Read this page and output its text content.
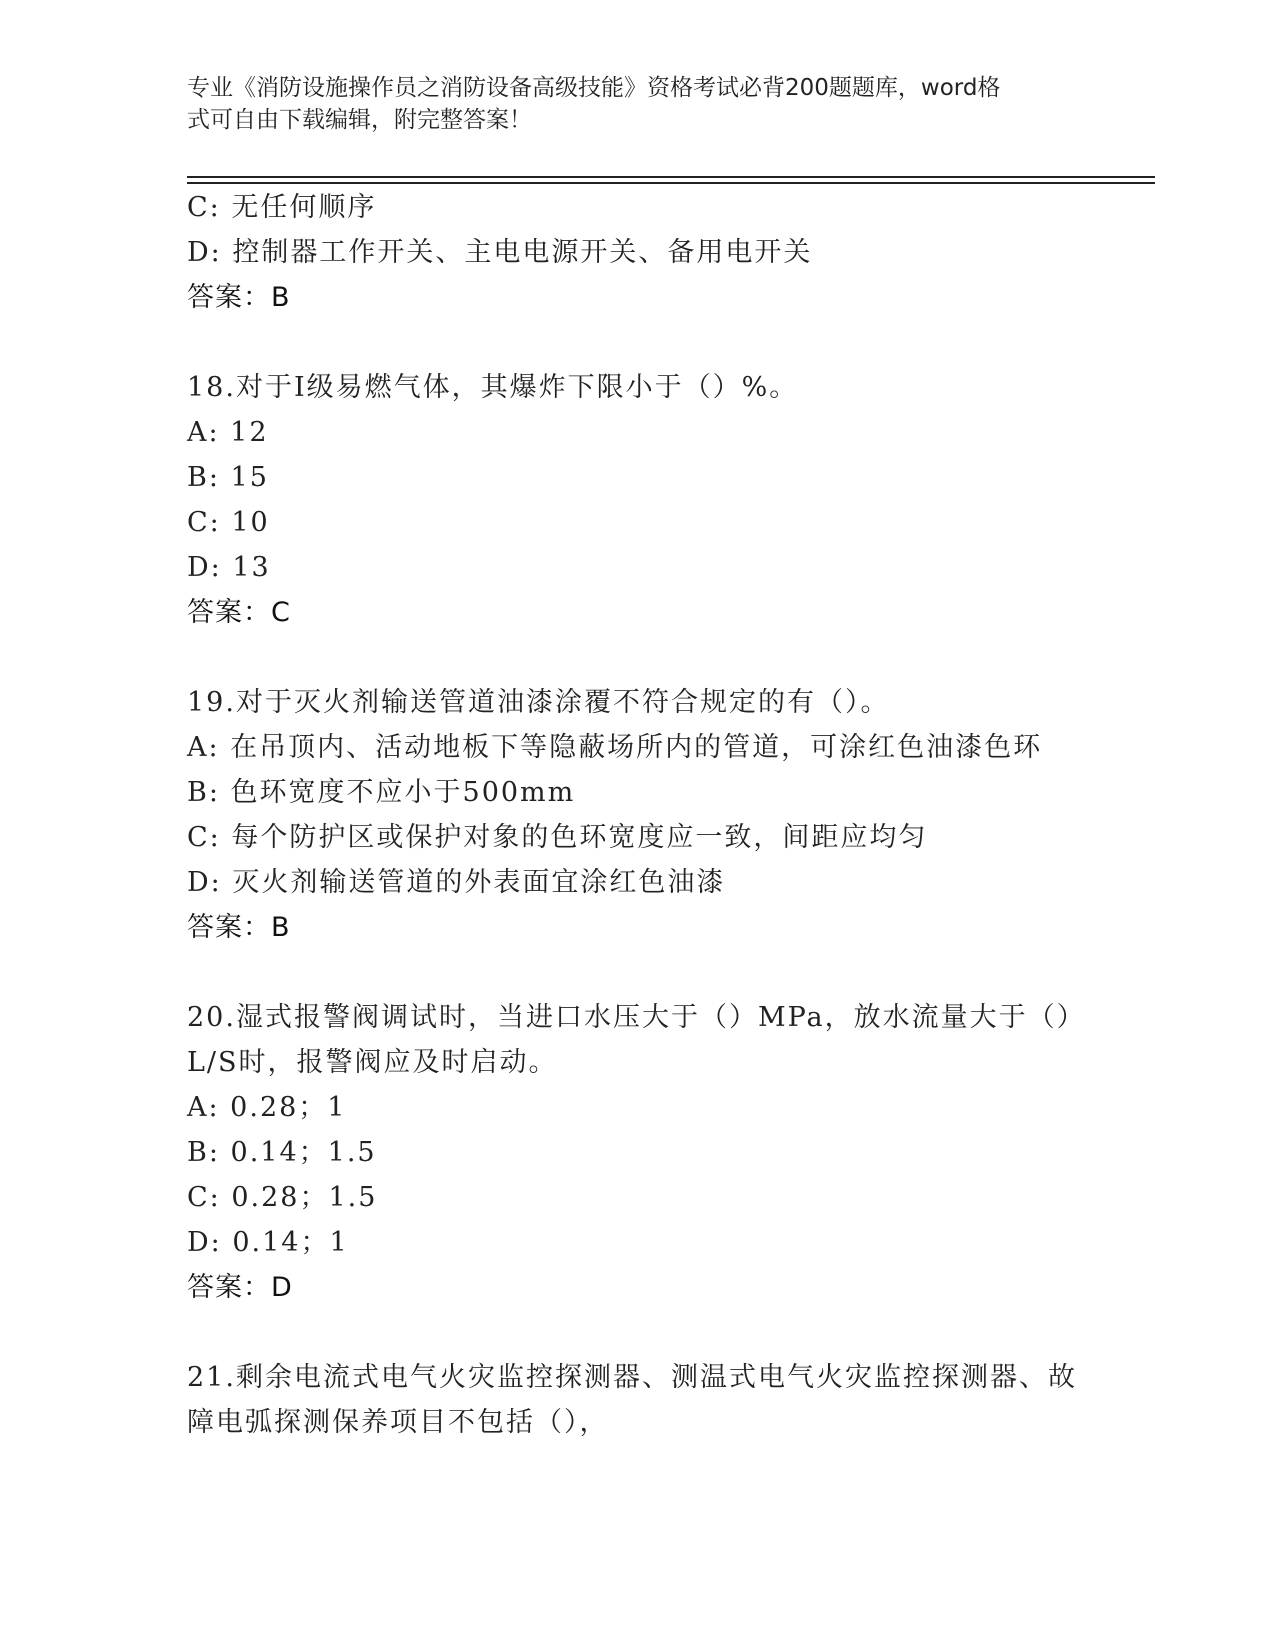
专业《消防设施操作员之消防设备高级技能》资格考试必背200题题库，word格
式可自由下载编辑，附完整答案！
C: 无任何顺序
D: 控制器工作开关、主电电源开关、备用电开关
答案：B
18.对于Ⅰ级易燃气体，其爆炸下限小于（）%。
A: 12
B: 15
C: 10
D: 13
答案：C
19.对于灭火剂输送管道油漆涂覆不符合规定的有（）。
A: 在吊顶内、活动地板下等隐蔽场所内的管道，可涂红色油漆色环
B: 色环宽度不应小于500mm
C: 每个防护区或保护对象的色环宽度应一致，间距应均匀
D: 灭火剂输送管道的外表面宜涂红色油漆
答案：B
20.湿式报警阀调试时，当进口水压大于（）MPa，放水流量大于（）
L/S时，报警阀应及时启动。
A: 0.28；1
B: 0.14；1.5
C: 0.28；1.5
D: 0.14；1
答案：D
21.剩余电流式电气火灾监控探测器、测温式电气火灾监控探测器、故
障电弧探测保养项目不包括（），
